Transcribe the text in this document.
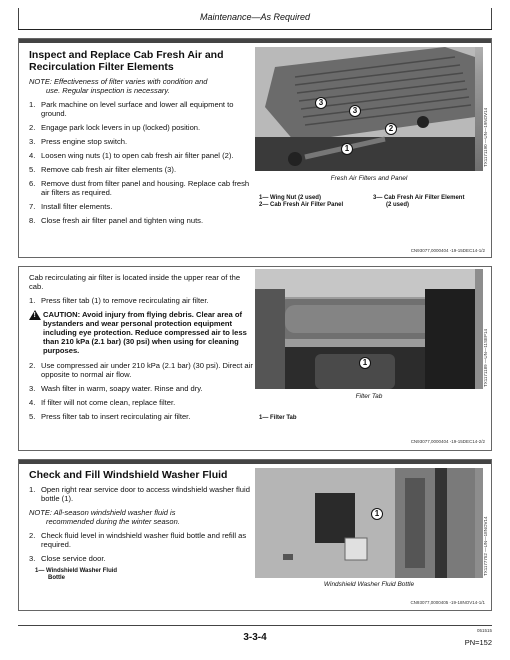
Maintenance—As Required
Inspect and Replace Cab Fresh Air and Recirculation Filter Elements
NOTE: Effectiveness of filter varies with condition and
use. Regular inspection is necessary.
1. Park machine on level surface and lower all equipment to ground.
2. Engage park lock levers in up (locked) position.
3. Press engine stop switch.
4. Loosen wing nuts (1) to open cab fresh air filter panel (2).
5. Remove cab fresh air filter elements (3).
6. Remove dust from filter panel and housing. Replace cab fresh air filters as required.
7. Install filter elements.
8. Close fresh air filter panel and tighten wing nuts.
3
3
2
1	TX1171190 —UN—19NOV14
Fresh Air Filters and Panel
1— Wing Nut (2 used)
2— Cab Fresh Air Filter Panel
3— Cab Fresh Air Filter Element
(2 used)
CN93077,0000404 -19-15DEC14-1/2

Cab recirculating air filter is located inside the upper rear of the cab.

1. Press filter tab (1) to remove recirculating air filter.
!
CAUTION: Avoid injury from flying debris. Clear area of bystanders and wear personal protection equipment including eye protection. Reduce compressed air to less than 210 kPa (2.1 bar) (30 psi) when using for cleaning purposes.
2. Use compressed air under 210 kPa (2.1 bar) (30 psi). Direct air opposite to normal air flow.
3. Wash filter in warm, soapy water. Rinse and dry.
4. If filter will not come clean, replace filter.
5. Press filter tab to insert recirculating air filter.
1	TX1171189 —UN—11SEP14
Filter Tab
1— Filter Tab
CN93077,0000404 -19-15DEC14-2/2
Check and Fill Windshield Washer Fluid
1. Open right rear service door to access windshield washer fluid bottle (1).
NOTE: All-season windshield washer fluid is
recommended during the winter season.
2. Check fluid level in windshield washer fluid bottle and refill as required.
3. Close service door.
1— Windshield Washer Fluid
Bottle
1
TX1177752 —UN—18NOV14
Windshield Washer Fluid Bottle
CN93077,0000405 -19-18NOV14-1/1
3-3-4
051515
PN=152
